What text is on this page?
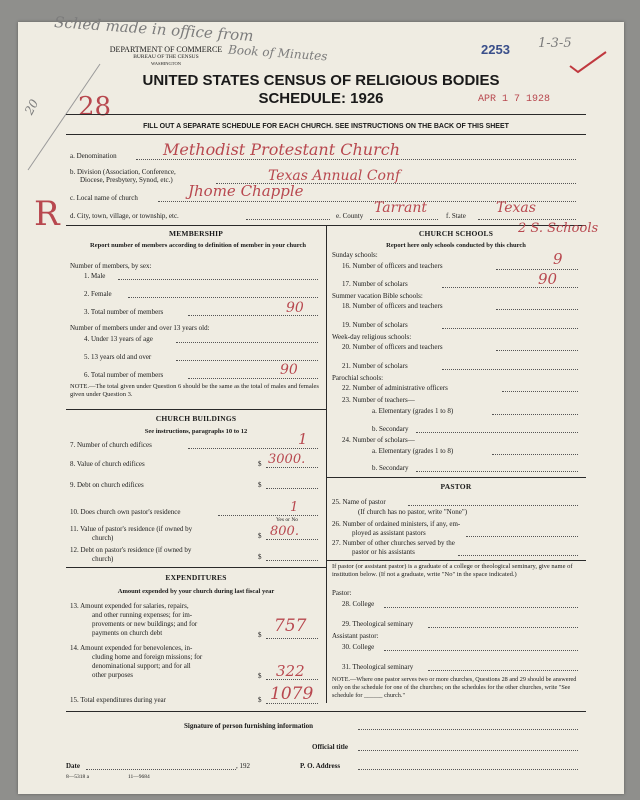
Sched made in office from
Book of Minutes
20 28
2253 1-3-5
APR 1 7 1928
R
DEPARTMENT OF COMMERCE
BUREAU OF THE CENSUS
WASHINGTON
UNITED STATES CENSUS OF RELIGIOUS BODIES
SCHEDULE: 1926
FILL OUT A SEPARATE SCHEDULE FOR EACH CHURCH. SEE INSTRUCTIONS ON THE BACK OF THIS SHEET
a. Denomination	Methodist Protestant Church
b. Division (Association, Conference,
Diocese, Presbytery, Synod, etc.)	Texas Annual Conf
c. Local name of church	Jhome Chapple
d. City, town, village, or township, etc.	e. County Tarrant	f. State Texas
MEMBERSHIP
Report number of members according to definition of member in your church
Number of members, by sex:
1. Male
2. Female
3. Total number of members	90
Number of members under and over 13 years old:
4. Under 13 years of age
5. 13 years old and over
6. Total number of members	90
NOTE.—The total given under Question 6 should be the same as the total of males and females given under Question 3.
CHURCH BUILDINGS
See instructions, paragraphs 10 to 12
7. Number of church edifices	1
8. Value of church edifices	$ 3000.
9. Debt on church edifices	$
10. Does church own pastor's residence	1
Yes or No
11. Value of pastor's residence (if owned by
church)	$ 800.
12. Debt on pastor's residence (if owned by
church)	$
EXPENDITURES
Amount expended by your church during last fiscal year
13. Amount expended for salaries, repairs,
and other running expenses; for im-
provements or new buildings; and for
payments on church debt	$ 757
14. Amount expended for benevolences, in-
cluding home and foreign missions; for
denominational support; and for all
other purposes	$ 322
15. Total expenditures during year	$ 1079
CHURCH SCHOOLS	2 S. Schools
Report here only schools conducted by this church
Sunday schools:
16. Number of officers and teachers	9
17. Number of scholars	90
Summer vacation Bible schools:
18. Number of officers and teachers
19. Number of scholars
Week-day religious schools:
20. Number of officers and teachers
21. Number of scholars
Parochial schools:
22. Number of administrative officers
23. Number of teachers—
a. Elementary (grades 1 to 8)
b. Secondary
24. Number of scholars—
a. Elementary (grades 1 to 8)
b. Secondary
PASTOR
25. Name of pastor
(If church has no pastor, write "None")
26. Number of ordained ministers, if any, em-
ployed as assistant pastors
27. Number of other churches served by the
pastor or his assistants
If pastor (or assistant pastor) is a graduate of a college or theological seminary, give name of institution below. (If not a graduate, write "No" in the space indicated.)
Pastor:
28. College
29. Theological seminary
Assistant pastor:
30. College
31. Theological seminary
NOTE.—Where one pastor serves two or more churches, Questions 28 and 29 should be answered only on the schedule for one of the churches; on the schedules for the other churches, write "See schedule for ______ church."
Signature of person furnishing information
Official title
Date	, 192	P. O. Address
8—5318 a	11—9684
